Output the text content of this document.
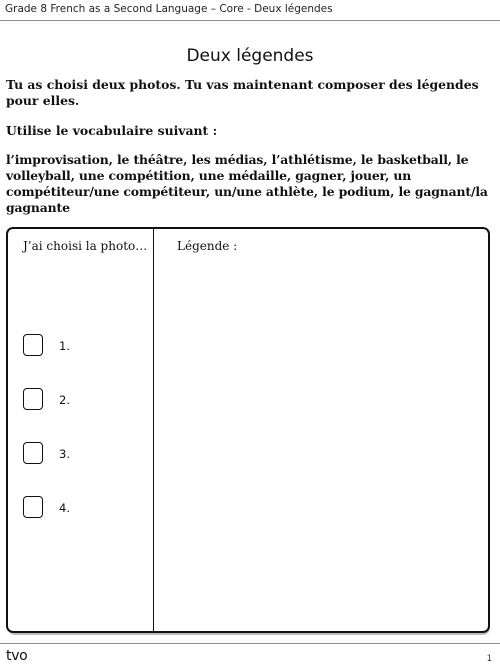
Grade 8 French as a Second Language – Core - Deux légendes
Deux légendes
Tu as choisi deux photos. Tu vas maintenant composer des légendes pour elles.
Utilise le vocabulaire suivant :
l’improvisation, le théâtre, les médias, l’athlétisme, le basketball, le volleyball, une compétition, une médaille, gagner, jouer, un compétiteur/une compétiteur, un/une athlète, le podium, le gagnant/la gagnante
J’ai choisi la photo… Légende :
1.
2.
3.
4.
tvo	1
